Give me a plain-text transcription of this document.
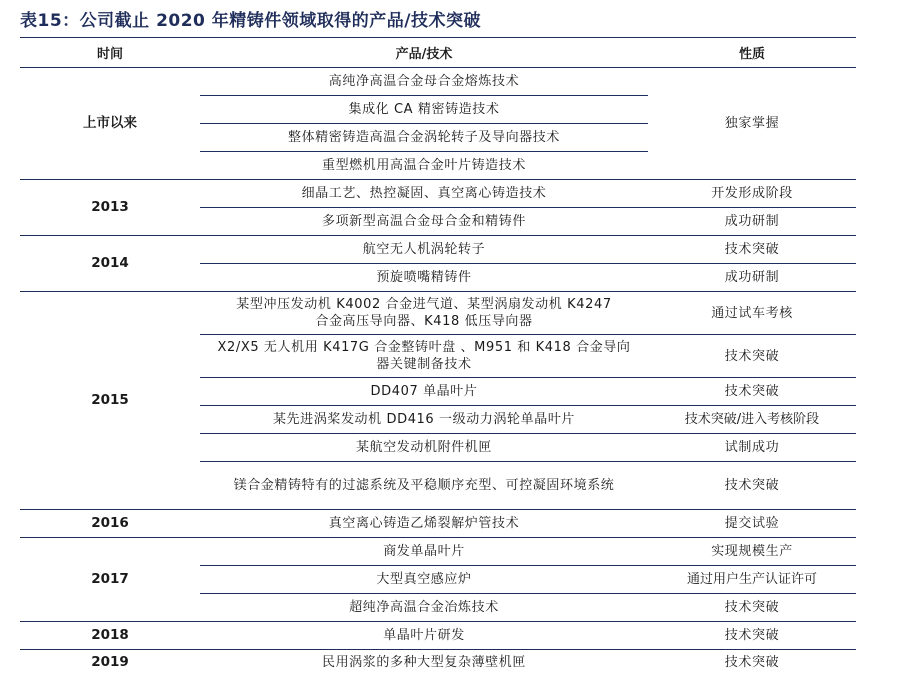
表15：公司截止 2020 年精铸件领域取得的产品/技术突破
时间	产品/技术	性质
上市以来	高纯净高温合金母合金熔炼技术	独家掌握
	集成化 CA 精密铸造技术	
	整体精密铸造高温合金涡轮转子及导向器技术	
	重型燃机用高温合金叶片铸造技术	
2013	细晶工艺、热控凝固、真空离心铸造技术	开发形成阶段
	多项新型高温合金母合金和精铸件	成功研制
2014	航空无人机涡轮转子	技术突破
	预旋喷嘴精铸件	成功研制
2015	某型冲压发动机 K4002 合金进气道、某型涡扇发动机 K4247 合金高压导向器、K418 低压导向器	通过试车考核

	X2/X5 无人机用 K417G 合金整铸叶盘 、M951 和 K418 合金导向器关键制备技术	技术突破
	DD407 单晶叶片	技术突破
	某先进涡桨发动机 DD416 一级动力涡轮单晶叶片	技术突破/进入考核阶段
	某航空发动机附件机匣	试制成功

	镁合金精铸特有的过滤系统及平稳顺序充型、可控凝固环境系统	技术突破
2016	真空离心铸造乙烯裂解炉管技术	提交试验
2017	商发单晶叶片	实现规模生产
	大型真空感应炉	通过用户生产认证许可
	超纯净高温合金冶炼技术	技术突破
2018	单晶叶片研发	技术突破
2019	民用涡浆的多种大型复杂薄壁机匣	技术突破
